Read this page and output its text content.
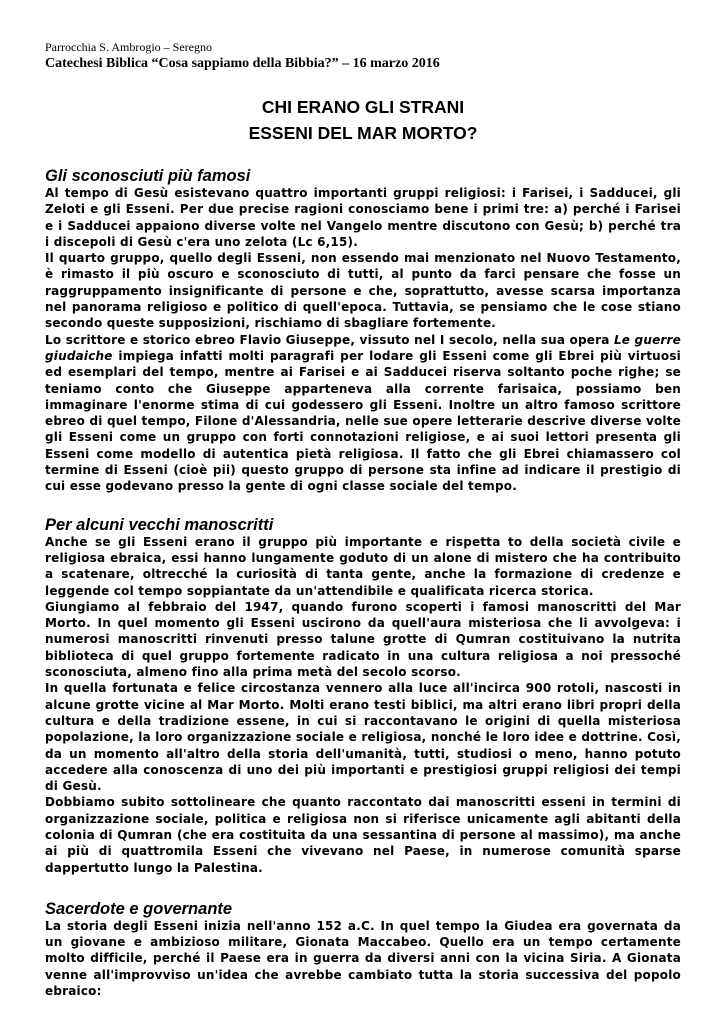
Parrocchia S. Ambrogio – Seregno

Catechesi Biblica “Cosa sappiamo della Bibbia?” – 16 marzo 2016

CHI ERANO GLI STRANI
ESSENI DEL MAR MORTO?
Gli sconosciuti più famosi

Al tempo di Gesù esistevano quattro importanti gruppi religiosi: i Farisei, i Sadducei, gli Zeloti e gli Esseni. Per due precise ragioni conosciamo bene i primi tre: a) perché i Farisei e i Sadducei appaiono diverse volte nel Vangelo mentre discutono con Gesù; b) perché tra i discepoli di Gesù c'era uno zelota (Lc 6,15).

Il quarto gruppo, quello degli Esseni, non essendo mai menzionato nel Nuovo Testamento, è rimasto il più oscuro e sconosciuto di tutti, al punto da farci pensare che fosse un raggruppamento insignificante di persone e che, soprattutto, avesse scarsa importanza nel panorama religioso e politico di quell'epoca. Tuttavia, se pensiamo che le cose stiano secondo queste supposizioni, rischiamo di sbagliare fortemente.

Lo scrittore e storico ebreo Flavio Giuseppe, vissuto nel I secolo, nella sua opera Le guerre giudaiche impiega infatti molti paragrafi per lodare gli Esseni come gli Ebrei più virtuosi ed esemplari del tempo, mentre ai Farisei e ai Sadducei riserva soltanto poche righe; se teniamo conto che Giuseppe apparteneva alla corrente farisaica, possiamo ben immaginare l'enorme stima di cui godessero gli Esseni. Inoltre un altro famoso scrittore ebreo di quel tempo, Filone d'Alessandria, nelle sue opere letterarie descrive diverse volte gli Esseni come un gruppo con forti connotazioni religiose, e ai suoi lettori presenta gli Esseni come modello di autentica pietà religiosa. Il fatto che gli Ebrei chiamassero col termine di Esseni (cioè pii) questo gruppo di persone sta infine ad indicare il prestigio di cui esse godevano presso la gente di ogni classe sociale del tempo.

Per alcuni vecchi manoscritti

Anche se gli Esseni erano il gruppo più importante e rispetta to della società civile e religiosa ebraica, essi hanno lungamente goduto di un alone di mistero che ha contribuito a scatenare, oltrecché la curiosità di tanta gente, anche la formazione di credenze e leggende col tempo soppiantate da un'attendibile e qualificata ricerca storica.

Giungiamo al febbraio del 1947, quando furono scoperti i famosi manoscritti del Mar Morto. In quel momento gli Esseni uscirono da quell'aura misteriosa che li avvolgeva: i numerosi manoscritti rinvenuti presso talune grotte di Qumran costituivano la nutrita biblioteca di quel gruppo fortemente radicato in una cultura religiosa a noi pressoché sconosciuta, almeno fino alla prima metà del secolo scorso.

In quella fortunata e felice circostanza vennero alla luce all'incirca 900 rotoli, nascosti in alcune grotte vicine al Mar Morto. Molti erano testi biblici, ma altri erano libri propri della cultura e della tradizione essene, in cui si raccontavano le origini di quella misteriosa popolazione, la loro organizzazione sociale e religiosa, nonché le loro idee e dottrine. Così, da un momento all'altro della storia dell'umanità, tutti, studiosi o meno, hanno potuto accedere alla conoscenza di uno dei più importanti e prestigiosi gruppi religiosi dei tempi di Gesù.

Dobbiamo subito sottolineare che quanto raccontato dai manoscritti esseni in termini di organizzazione sociale, politica e religiosa non si riferisce unicamente agli abitanti della colonia di Qumran (che era costituita da una sessantina di persone al massimo), ma anche ai più di quattromila Esseni che vivevano nel Paese, in numerose comunità sparse dappertutto lungo la Palestina.

Sacerdote e governante

La storia degli Esseni inizia nell'anno 152 a.C. In quel tempo la Giudea era governata da un giovane e ambizioso militare, Gionata Maccabeo. Quello era un tempo certamente molto difficile, perché il Paese era in guerra da diversi anni con la vicina Siria. A Gionata venne all'improvviso un'idea che avrebbe cambiato tutta la storia successiva del popolo ebraico:
